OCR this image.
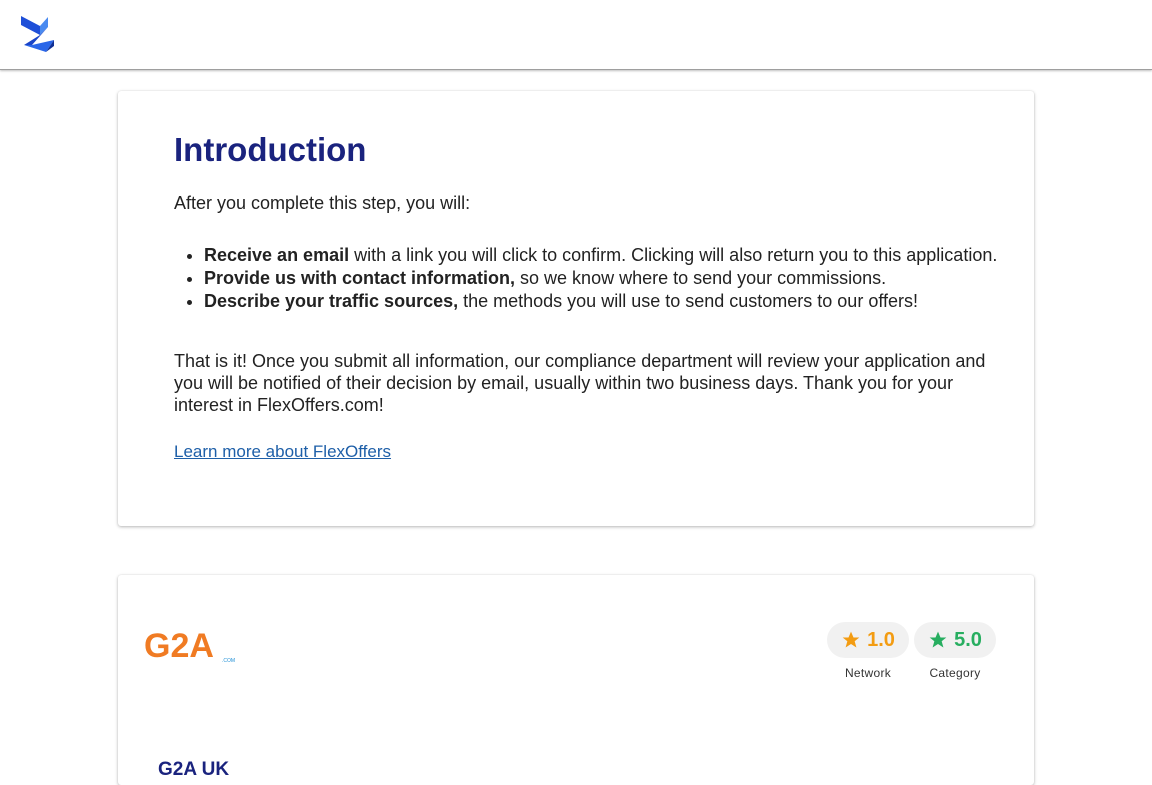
Introduction

After you complete this step, you will:

• Receive an email with a link you will click to confirm. Clicking will also return you to this application.
• Provide us with contact information, so we know where to send your commissions.
• Describe your traffic sources, the methods you will use to send customers to our offers!

That is it! Once you submit all information, our compliance department will review your application and you will be notified of their decision by email, usually within two business days. Thank you for your interest in FlexOffers.com!

Learn more about FlexOffers
G2A .COM
1.0
Network
5.0
Category
G2A UK
